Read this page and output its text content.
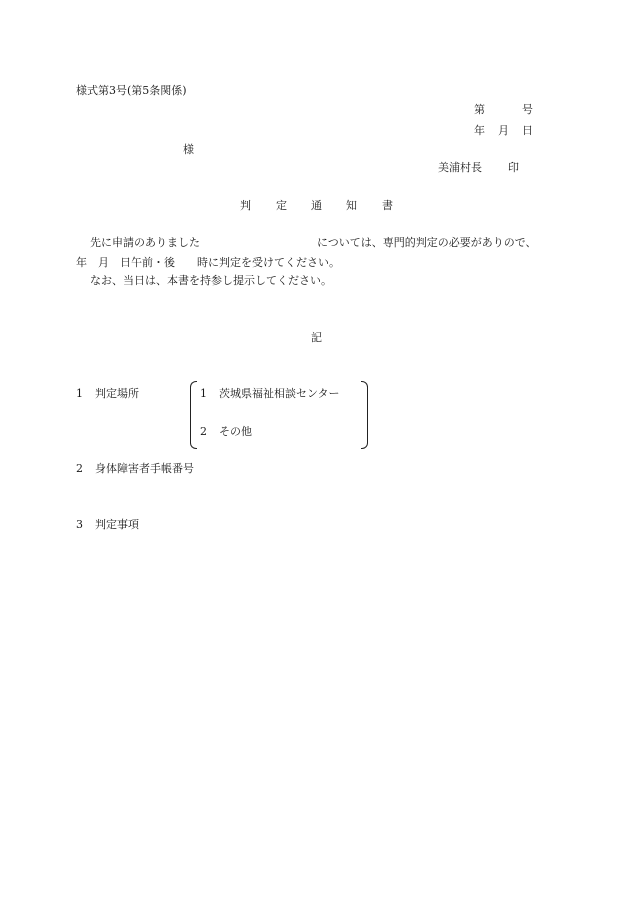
様式第3号(第5条関係)
第	号
年 月 日
様
美浦村長 印
判 定 通 知 書
先に申請のありました	については、専門的判定の必要がありので、
年　月　日午前・後　　時に判定を受けてください。
なお、当日は、本書を持参し提示してください。
記
1 判定場所	1 茨城県福祉相談センター
2 その他
2 身体障害者手帳番号
3 判定事項
